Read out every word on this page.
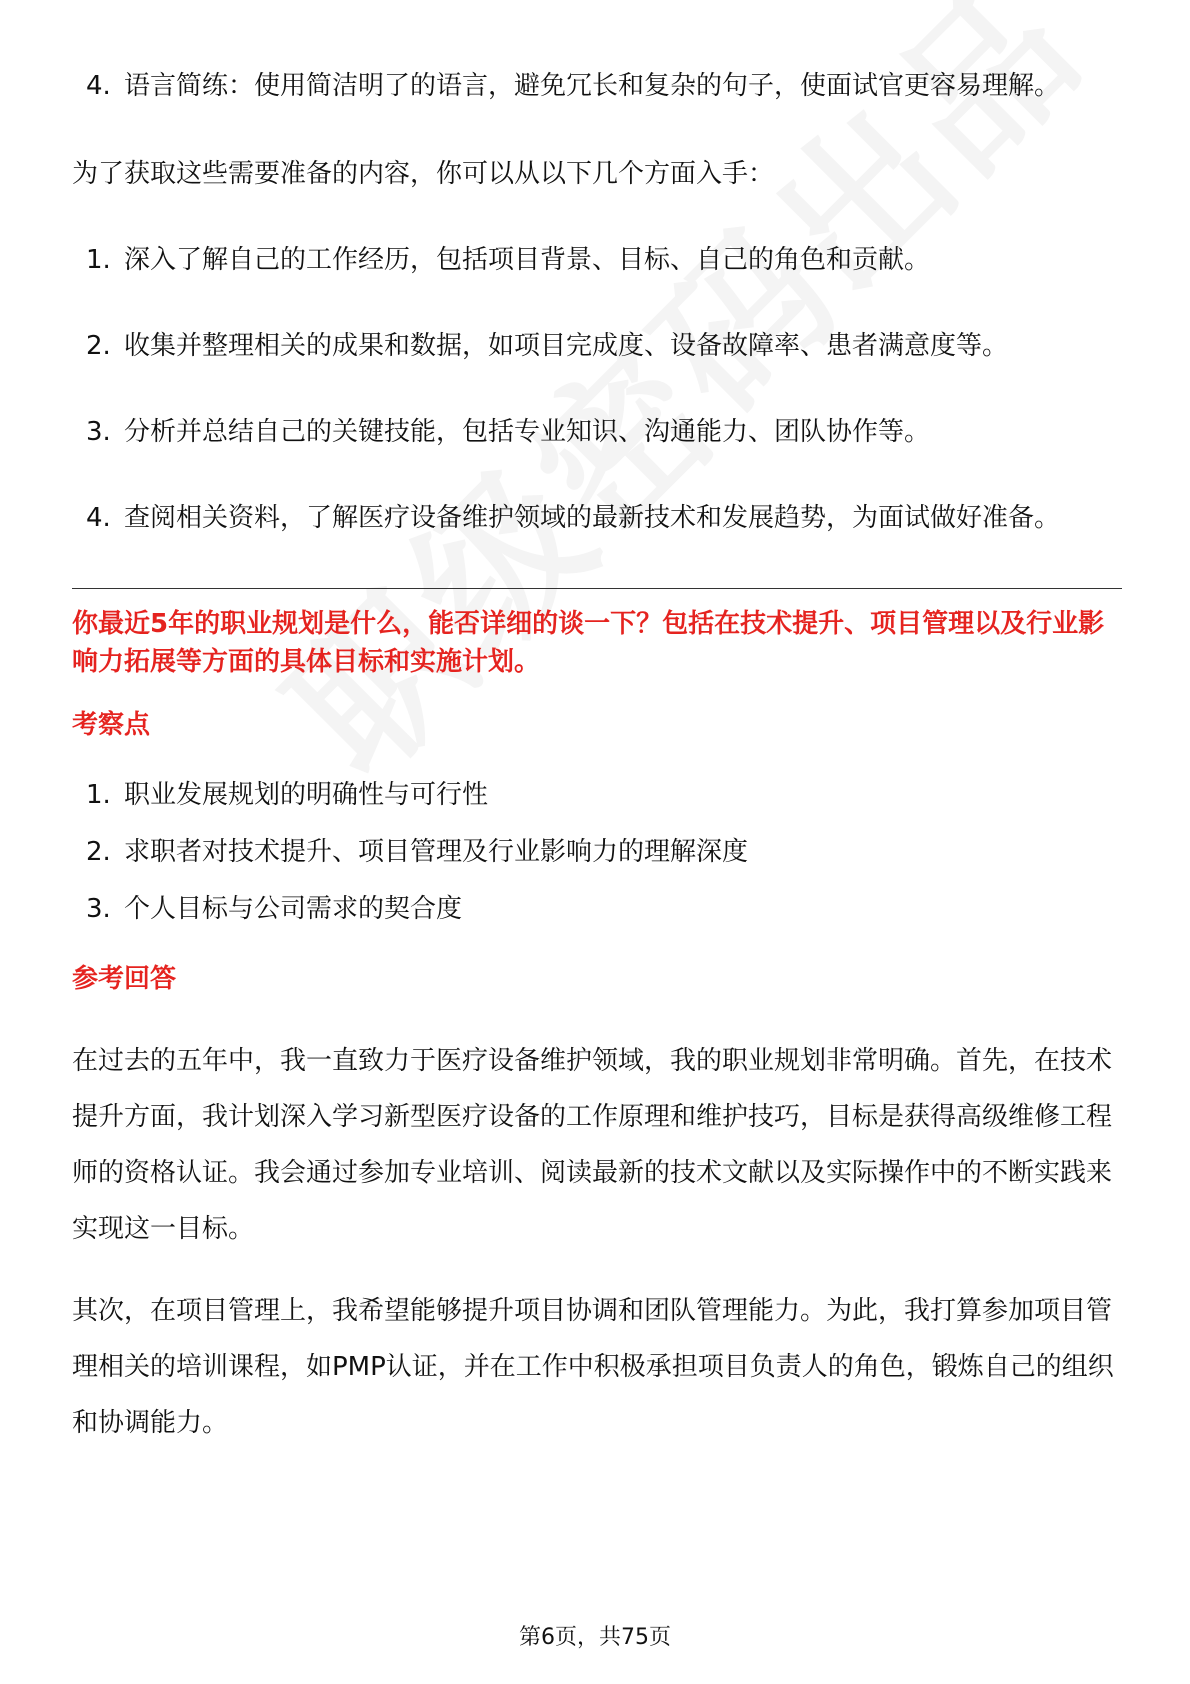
4. 语言简练：使用简洁明了的语言，避免冗长和复杂的句子，使面试官更容易理解。

为了获取这些需要准备的内容，你可以从以下几个方面入手：

1. 深入了解自己的工作经历，包括项目背景、目标、自己的角色和贡献。
2. 收集并整理相关的成果和数据，如项目完成度、设备故障率、患者满意度等。
3. 分析并总结自己的关键技能，包括专业知识、沟通能力、团队协作等。
4. 查阅相关资料，了解医疗设备维护领域的最新技术和发展趋势，为面试做好准备。

你最近5年的职业规划是什么，能否详细的谈一下？包括在技术提升、项目管理以及行业影响力拓展等方面的具体目标和实施计划。

考察点

1. 职业发展规划的明确性与可行性
2. 求职者对技术提升、项目管理及行业影响力的理解深度
3. 个人目标与公司需求的契合度

参考回答

在过去的五年中，我一直致力于医疗设备维护领域，我的职业规划非常明确。首先，在技术提升方面，我计划深入学习新型医疗设备的工作原理和维护技巧，目标是获得高级维修工程师的资格认证。我会通过参加专业培训、阅读最新的技术文献以及实际操作中的不断实践来实现这一目标。

其次，在项目管理上，我希望能够提升项目协调和团队管理能力。为此，我打算参加项目管理相关的培训课程，如PMP认证，并在工作中积极承担项目负责人的角色，锻炼自己的组织和协调能力。

第6页，共75页
